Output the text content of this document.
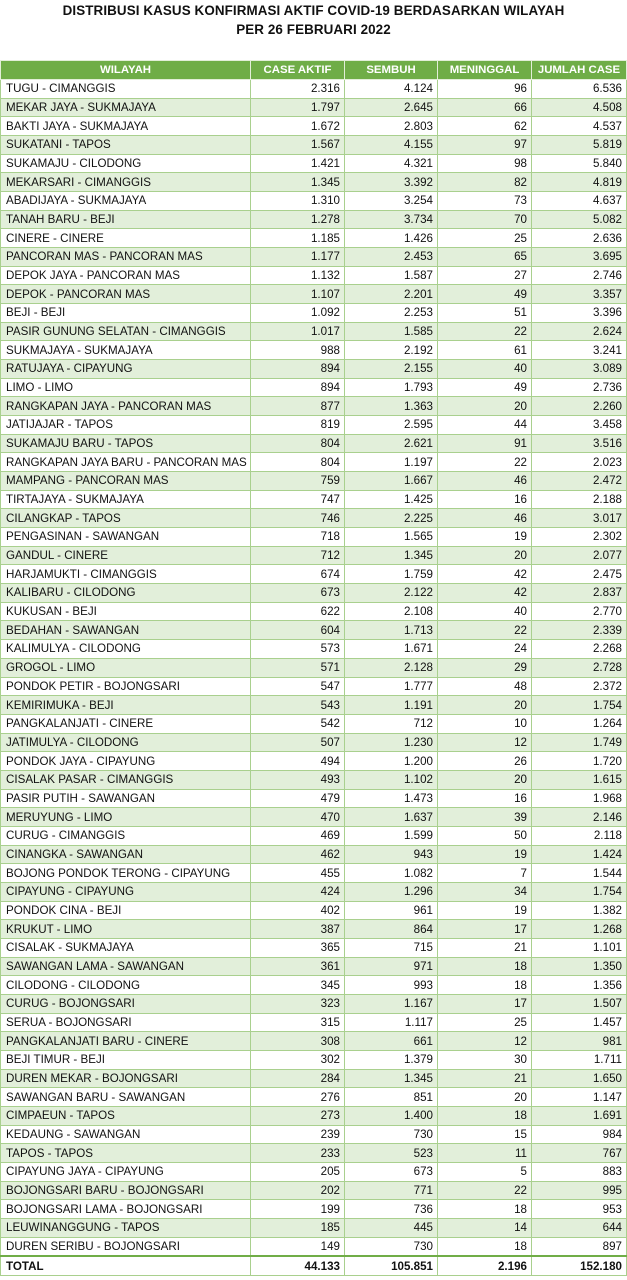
DISTRIBUSI KASUS KONFIRMASI AKTIF COVID-19 BERDASARKAN WILAYAH
PER 26 FEBRUARI 2022
WILAYAH	CASE AKTIF	SEMBUH	MENINGGAL	JUMLAH CASE
TUGU - CIMANGGIS	2.316	4.124	96	6.536
MEKAR JAYA - SUKMAJAYA	1.797	2.645	66	4.508
BAKTI JAYA - SUKMAJAYA	1.672	2.803	62	4.537
SUKATANI - TAPOS	1.567	4.155	97	5.819
SUKAMAJU - CILODONG	1.421	4.321	98	5.840
MEKARSARI - CIMANGGIS	1.345	3.392	82	4.819
ABADIJAYA - SUKMAJAYA	1.310	3.254	73	4.637
TANAH BARU - BEJI	1.278	3.734	70	5.082
CINERE - CINERE	1.185	1.426	25	2.636
PANCORAN MAS - PANCORAN MAS	1.177	2.453	65	3.695
DEPOK JAYA - PANCORAN MAS	1.132	1.587	27	2.746
DEPOK - PANCORAN MAS	1.107	2.201	49	3.357
BEJI - BEJI	1.092	2.253	51	3.396
PASIR GUNUNG SELATAN - CIMANGGIS	1.017	1.585	22	2.624
SUKMAJAYA - SUKMAJAYA	988	2.192	61	3.241
RATUJAYA - CIPAYUNG	894	2.155	40	3.089
LIMO - LIMO	894	1.793	49	2.736
RANGKAPAN JAYA - PANCORAN MAS	877	1.363	20	2.260
JATIJAJAR - TAPOS	819	2.595	44	3.458
SUKAMAJU BARU - TAPOS	804	2.621	91	3.516
RANGKAPAN JAYA BARU - PANCORAN MAS	804	1.197	22	2.023
MAMPANG - PANCORAN MAS	759	1.667	46	2.472
TIRTAJAYA - SUKMAJAYA	747	1.425	16	2.188
CILANGKAP - TAPOS	746	2.225	46	3.017
PENGASINAN - SAWANGAN	718	1.565	19	2.302
GANDUL - CINERE	712	1.345	20	2.077
HARJAMUKTI - CIMANGGIS	674	1.759	42	2.475
KALIBARU - CILODONG	673	2.122	42	2.837
KUKUSAN - BEJI	622	2.108	40	2.770
BEDAHAN - SAWANGAN	604	1.713	22	2.339
KALIMULYA - CILODONG	573	1.671	24	2.268
GROGOL - LIMO	571	2.128	29	2.728
PONDOK PETIR - BOJONGSARI	547	1.777	48	2.372
KEMIRIMUKA - BEJI	543	1.191	20	1.754
PANGKALANJATI - CINERE	542	712	10	1.264
JATIMULYA - CILODONG	507	1.230	12	1.749
PONDOK JAYA - CIPAYUNG	494	1.200	26	1.720
CISALAK PASAR - CIMANGGIS	493	1.102	20	1.615
PASIR PUTIH - SAWANGAN	479	1.473	16	1.968
MERUYUNG - LIMO	470	1.637	39	2.146
CURUG - CIMANGGIS	469	1.599	50	2.118
CINANGKA - SAWANGAN	462	943	19	1.424
BOJONG PONDOK TERONG - CIPAYUNG	455	1.082	7	1.544
CIPAYUNG - CIPAYUNG	424	1.296	34	1.754
PONDOK CINA - BEJI	402	961	19	1.382
KRUKUT - LIMO	387	864	17	1.268
CISALAK - SUKMAJAYA	365	715	21	1.101
SAWANGAN LAMA - SAWANGAN	361	971	18	1.350
CILODONG - CILODONG	345	993	18	1.356
CURUG - BOJONGSARI	323	1.167	17	1.507
SERUA - BOJONGSARI	315	1.117	25	1.457
PANGKALANJATI BARU - CINERE	308	661	12	981
BEJI TIMUR - BEJI	302	1.379	30	1.711
DUREN MEKAR - BOJONGSARI	284	1.345	21	1.650
SAWANGAN BARU - SAWANGAN	276	851	20	1.147
CIMPAEUN - TAPOS	273	1.400	18	1.691
KEDAUNG - SAWANGAN	239	730	15	984
TAPOS - TAPOS	233	523	11	767
CIPAYUNG JAYA - CIPAYUNG	205	673	5	883
BOJONGSARI BARU - BOJONGSARI	202	771	22	995
BOJONGSARI LAMA - BOJONGSARI	199	736	18	953
LEUWINANGGUNG - TAPOS	185	445	14	644
DUREN SERIBU - BOJONGSARI	149	730	18	897
TOTAL	44.133	105.851	2.196	152.180
